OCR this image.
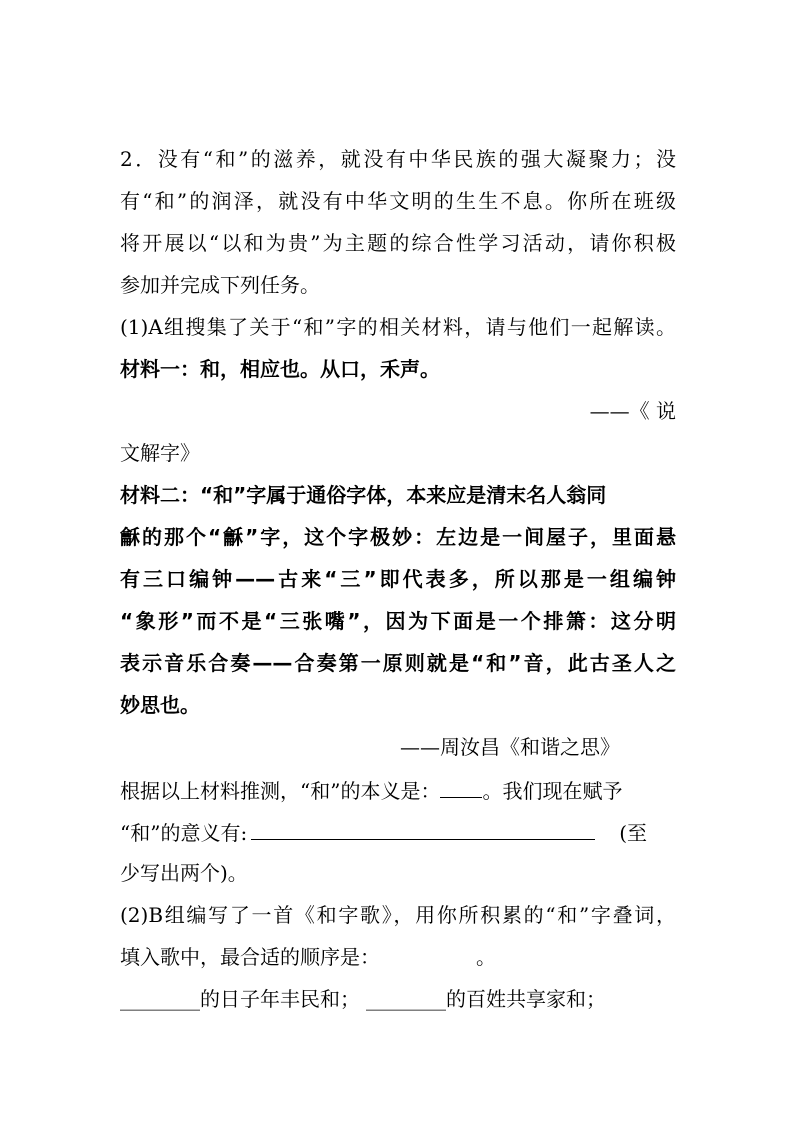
2．没有“和”的滋养，就没有中华民族的强大凝聚力；没
有“和”的润泽，就没有中华文明的生生不息。你所在班级
将开展以“以和为贵”为主题的综合性学习活动，请你积极
参加并完成下列任务。
(1)A组搜集了关于“和”字的相关材料，请与他们一起解读。
材料一：和，相应也。从口，禾声。
——《 说
文解字》
材料二：“和”字属于通俗字体，本来应是清末名人翁同
龢的那个“龢”字，这个字极妙：左边是一间屋子，里面悬
有三口编钟——古来“三”即代表多，所以那是一组编钟
“象形”而不是“三张嘴”，因为下面是一个排箫：这分明
表示音乐合奏——合奏第一原则就是“和”音，此古圣人之
妙思也。
——周汝昌《和谐之思》
根据以上材料推测，“和”的本义是： 。我们现在赋予
“和”的意义有:	(至
少写出两个)。
(2)B组编写了一首《和字歌》，用你所积累的“和”字叠词，
填入歌中，最合适的顺序是：	。
________的日子年丰民和； ________的百姓共享家和；
